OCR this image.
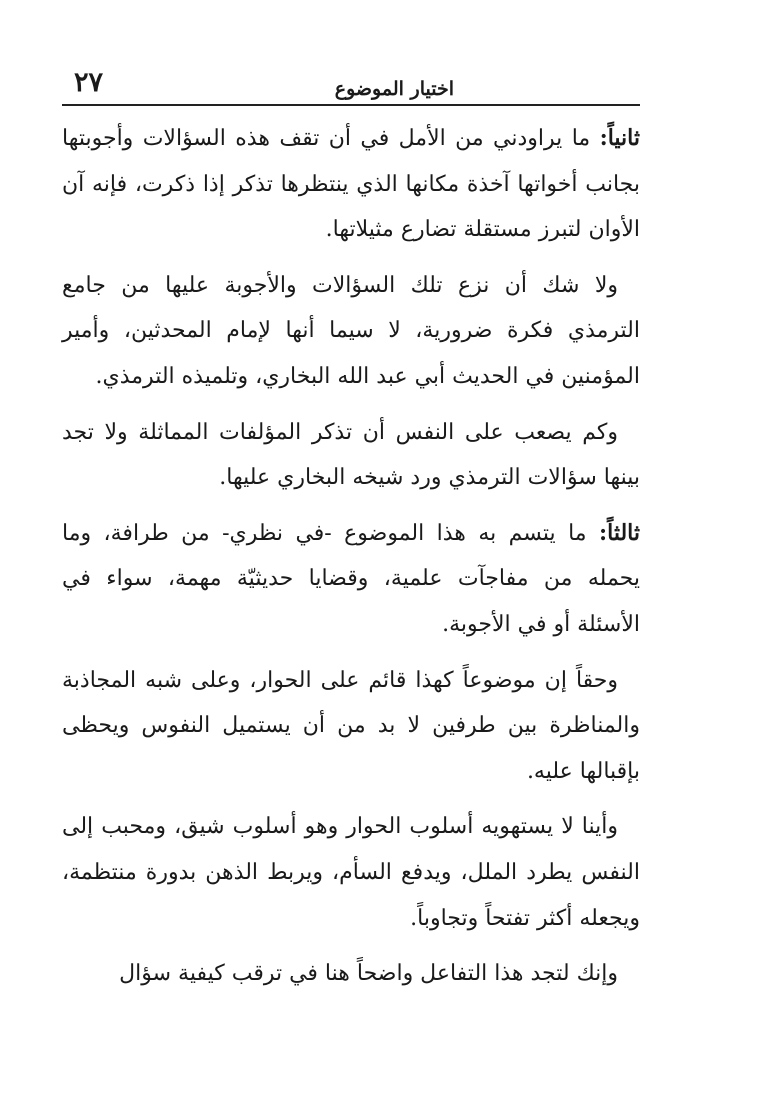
٢٧	اختيار الموضوع

ثانياً: ما يراودني من الأمل في أن تقف هذه السؤالات وأجوبتها بجانب أخواتها آخذة مكانها الذي ينتظرها تذكر إذا ذكرت، فإنه آن الأوان لتبرز مستقلة تضارع مثيلاتها.

ولا شك أن نزع تلك السؤالات والأجوبة عليها من جامع الترمذي فكرة ضرورية، لا سيما أنها لإمام المحدثين، وأمير المؤمنين في الحديث أبي عبد الله البخاري، وتلميذه الترمذي.

وكم يصعب على النفس أن تذكر المؤلفات المماثلة ولا تجد بينها سؤالات الترمذي ورد شيخه البخاري عليها.

ثالثاً: ما يتسم به هذا الموضوع -في نظري- من طرافة، وما يحمله من مفاجآت علمية، وقضايا حديثيّة مهمة، سواء في الأسئلة أو في الأجوبة.

وحقاً إن موضوعاً كهذا قائم على الحوار، وعلى شبه المجاذبة والمناظرة بين طرفين لا بد من أن يستميل النفوس ويحظى بإقبالها عليه.

وأينا لا يستهويه أسلوب الحوار وهو أسلوب شيق، ومحبب إلى النفس يطرد الملل، ويدفع السأم، ويربط الذهن بدورة منتظمة، ويجعله أكثر تفتحاً وتجاوباً.

وإنك لتجد هذا التفاعل واضحاً هنا في ترقب كيفية سؤال
